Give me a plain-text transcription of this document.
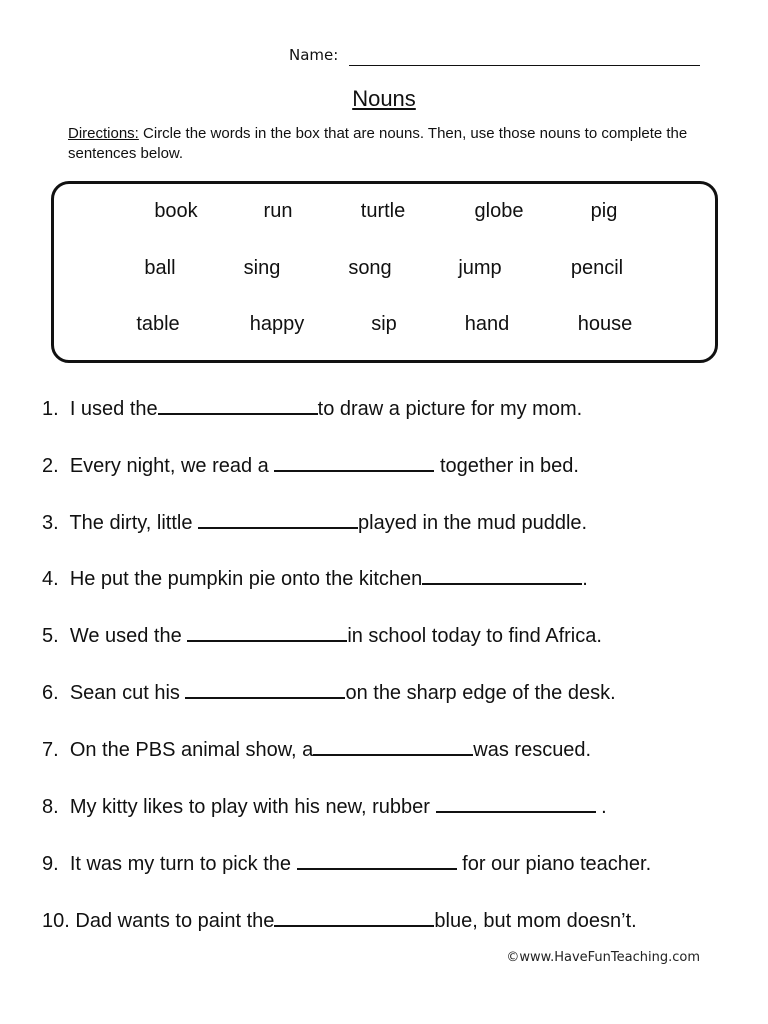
Name:
Nouns
Directions: Circle the words in the box that are nouns. Then, use those nouns to complete the sentences below.
book	run	turtle	globe	pig
ball	sing	song	jump	pencil
table	happy	sip	hand	house
1. I used the	to draw a picture for my mom.
2. Every night, we read a	together in bed.
3. The dirty, little	played in the mud puddle.
4. He put the pumpkin pie onto the kitchen	.
5. We used the	in school today to find Africa.
6. Sean cut his	on the sharp edge of the desk.
7. On the PBS animal show, a	was rescued.
8. My kitty likes to play with his new, rubber	.
9. It was my turn to pick the	for our piano teacher.
10. Dad wants to paint the	blue, but mom doesn’t.
©www.HaveFunTeaching.com
